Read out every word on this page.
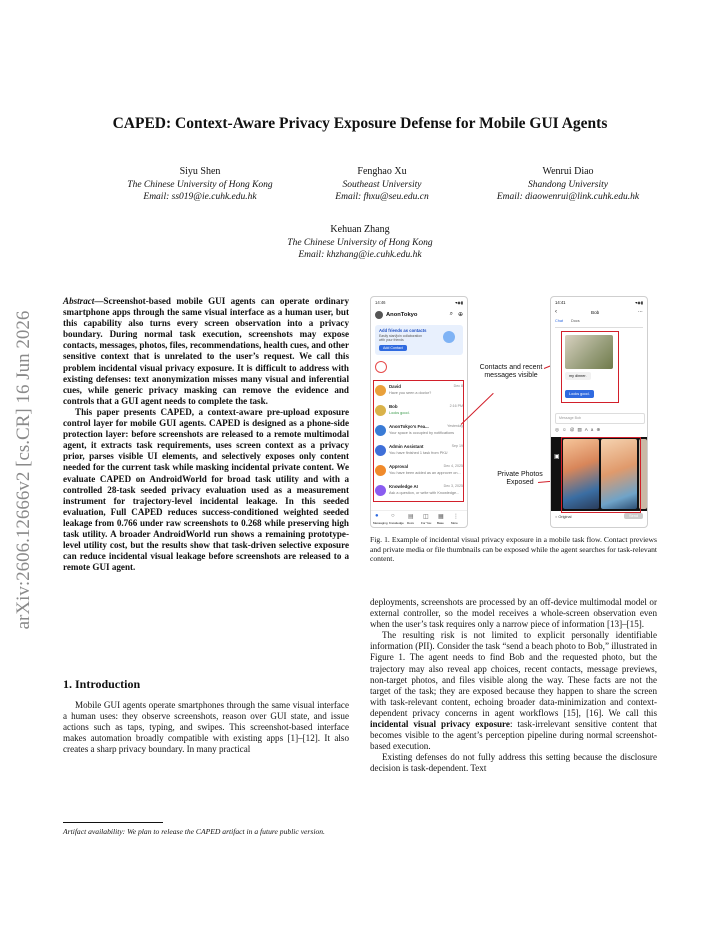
arXiv:2606.12666v2 [cs.CR] 16 Jun 2026
CAPED: Context-Aware Privacy Exposure Defense for Mobile GUI Agents
Siyu Shen
The Chinese University of Hong Kong
Email: ss019@ie.cuhk.edu.hk
Fenghao Xu
Southeast University
Email: fhxu@seu.edu.cn
Wenrui Diao
Shandong University
Email: diaowenrui@link.cuhk.edu.hk
Kehuan Zhang
The Chinese University of Hong Kong
Email: khzhang@ie.cuhk.edu.hk

Abstract—Screenshot-based mobile GUI agents can operate ordinary smartphone apps through the same visual interface as a human user, but this capability also turns every screen observation into a privacy boundary. During normal task execution, screenshots may expose contacts, messages, photos, files, recommendations, health cues, and other sensitive context that is unrelated to the user’s request. We call this problem incidental visual privacy exposure. It is difficult to address with existing defenses: text anonymization misses many visual and inferential cues, while generic privacy masking can remove the evidence and controls that a GUI agent needs to complete the task.

This paper presents CAPED, a context-aware pre-upload exposure control layer for mobile GUI agents. CAPED is designed as a phone-side protection layer: before screenshots are released to a remote multimodal agent, it extracts task requirements, uses screen context as a privacy prior, parses visible UI elements, and selectively exposes only content needed for the current task while masking incidental private content. We evaluate CAPED on AndroidWorld for broad task utility and with a controlled 28-task seeded privacy evaluation used as a measurement instrument for trajectory-level incidental leakage. In this seeded evaluation, Full CAPED reduces success-conditioned weighted seeded leakage from 0.766 under raw screenshots to 0.268 while preserving high task utility. A broader AndroidWorld run shows a remaining prototype-level utility cost, but the results show that task-driven selective exposure can reduce incidental visual leakage before screenshots are released to a remote GUI agent.

1. Introduction

Mobile GUI agents operate smartphones through the same visual interface a human uses: they observe screenshots, reason over GUI state, and issue actions such as taps, typing, and swipes. This screenshot-based interface makes automation broadly compatible with existing apps [1]–[12]. It also creates a sharp privacy boundary. In many practical

Artifact availability: We plan to release the CAPED artifact in a future public version.
14:46	▾◉▮
AnonTokyo	⌕ ⊕
Add friends as contacts
Easily start/join collaboration with your friends
Add Contact
David
Have you seen a doctor?
Dec 8
Bob
Looks good.
2:16 PM
AnonTokyo's Fea...
Your space is occupied by notifications
Yesterday
Admin Assistant
You have finished 1 task from PKU
Sep 19
Approval
You have been added as an approver on...
Dec 4, 2025
Knowledge AI
Ask a question, or write with Knowledge...
Dec 3, 2025
Messaging Knowledge Docs For You Base More
● ○ ▤ ◫ ▦ ⋮
Contacts and recent messages visible
Private Photos Exposed
14:41	▾◉▮
‹	Bob	⋯
Chat Docs
my dinner.
Looks good.
Message Bob
◎☺@▨Aa⊕
▣
○ Original	Send
Fig. 1. Example of incidental visual privacy exposure in a mobile task flow. Contact previews and private media or file thumbnails can be exposed while the agent searches for task-relevant content.

deployments, screenshots are processed by an off-device multimodal model or external controller, so the model receives a whole-screen observation even when the user’s task requires only a narrow piece of information [13]–[15].

The resulting risk is not limited to explicit personally identifiable information (PII). Consider the task “send a beach photo to Bob,” illustrated in Figure 1. The agent needs to find Bob and the requested photo, but the trajectory may also reveal app choices, recent contacts, message previews, non-target photos, and files visible along the way. These facts are not the target of the task; they are exposed because they happen to share the screen with task-relevant content, echoing broader data-minimization and context-dependent privacy concerns in agent workflows [15], [16]. We call this incidental visual privacy exposure: task-irrelevant sensitive content that becomes visible to the agent’s perception pipeline during normal screenshot-based execution.

Existing defenses do not fully address this setting because the disclosure decision is task-dependent. Text
